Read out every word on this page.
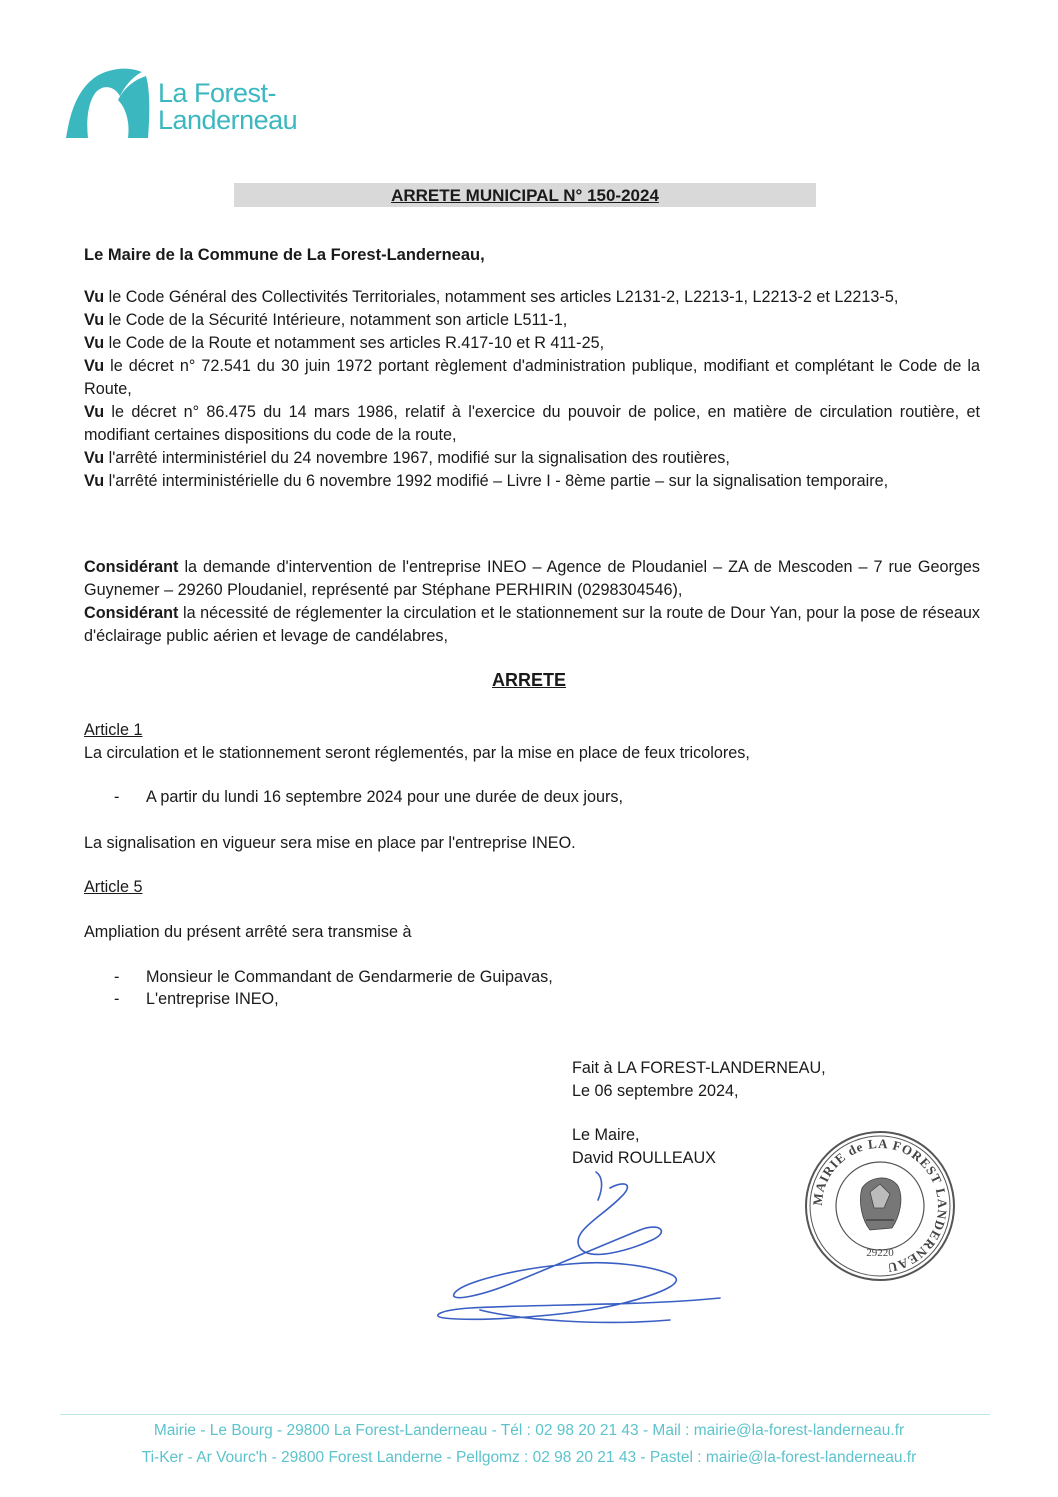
La Forest-
Landerneau
ARRETE MUNICIPAL N° 150-2024
Le Maire de la Commune de La Forest-Landerneau,

Vu le Code Général des Collectivités Territoriales, notamment ses articles L2131-2, L2213-1, L2213-2 et L2213-5,

Vu le Code de la Sécurité Intérieure, notamment son article L511-1,

Vu le Code de la Route et notamment ses articles R.417-10 et R 411-25,

Vu le décret n° 72.541 du 30 juin 1972 portant règlement d'administration publique, modifiant et complétant le Code de la Route,

Vu le décret n° 86.475 du 14 mars 1986, relatif à l'exercice du pouvoir de police, en matière de circulation routière, et modifiant certaines dispositions du code de la route,

Vu l'arrêté interministériel du 24 novembre 1967, modifié sur la signalisation des routières,

Vu l'arrêté interministérielle du 6 novembre 1992 modifié – Livre I - 8ème partie – sur la signalisation temporaire,

Considérant la demande d'intervention de l'entreprise INEO – Agence de Ploudaniel – ZA de Mescoden – 7 rue Georges Guynemer – 29260 Ploudaniel, représenté par Stéphane PERHIRIN (0298304546),

Considérant la nécessité de réglementer la circulation et le stationnement sur la route de Dour Yan, pour la pose de réseaux d'éclairage public aérien et levage de candélabres,

ARRETE
Article 1
La circulation et le stationnement seront réglementés, par la mise en place de feux tricolores,
- A partir du lundi 16 septembre 2024 pour une durée de deux jours,
La signalisation en vigueur sera mise en place par l'entreprise INEO.
Article 5
Ampliation du présent arrêté sera transmise à
- Monsieur le Commandant de Gendarmerie de Guipavas,
- L'entreprise INEO,
Fait à LA FOREST-LANDERNEAU,
Le 06 septembre 2024,
Le Maire,
David ROULLEAUX
MAIRIE de LA FOREST LANDERNEAU
29220
Mairie - Le Bourg - 29800 La Forest-Landerneau - Tél : 02 98 20 21 43 - Mail : mairie@la-forest-landerneau.fr
Ti-Ker - Ar Vourc'h - 29800 Forest Landerne - Pellgomz : 02 98 20 21 43 - Pastel : mairie@la-forest-landerneau.fr
